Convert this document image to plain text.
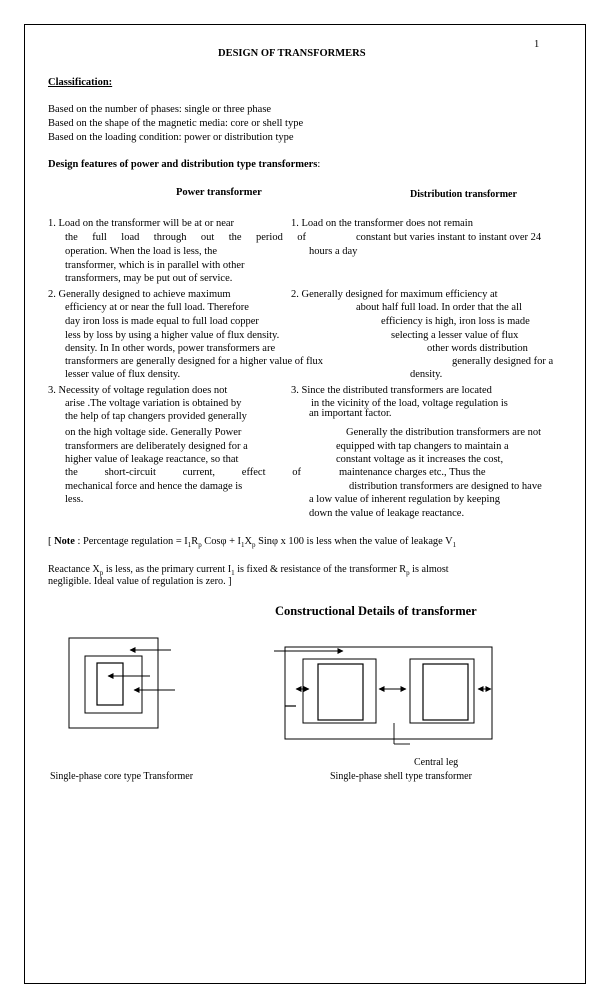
1
DESIGN OF TRANSFORMERS
Classification:
Based on the number of phases: single or three phase
Based on the shape of the magnetic media: core or shell type
Based on the loading condition: power or distribution type
Design features of power and distribution type transformers:
Power transformer	Distribution transformer
1. Load on the transformer will be at or near
the full load through out the period of
operation. When the load is less, the
transformer, which is in parallel with other
transformers, may be put out of service.
2. Generally designed to achieve maximum
efficiency at or near the full load. Therefore
day iron loss is made equal to full load copper
less by loss by using a higher value of flux density.
density. In In other words, power transformers are
transformers are generally designed for a higher value of flux
lesser value of flux density.
3. Necessity of voltage regulation does not
arise .The voltage variation is obtained by
the help of tap changers provided generally
on the high voltage side. Generally Power
transformers are deliberately designed for a
higher value of leakage reactance, so that
the short-circuit current, effect of
mechanical force and hence the damage is
less.
1. Load on the transformer does not remain
constant but varies instant to instant over 24
hours a day
2. Generally designed for maximum efficiency at
about half full load. In order that the all
efficiency is high, iron loss is made
selecting a lesser value of flux
other words distribution
generally designed for a
density.
3. Since the distributed transformers are located
in the vicinity of the load, voltage regulation is
an important factor.
Generally the distribution transformers are not
equipped with tap changers to maintain a
constant voltage as it increases the cost,
maintenance charges etc., Thus the
distribution transformers are designed to have
a low value of inherent regulation by keeping
down the value of leakage reactance.
[ Note : Percentage regulation = $I_1R_p$ $Cos\varphi + I_1X_p$ Sinφ x 100 is less when the value of leakage $V_1$
Reactance $X_p$ is less, as the primary current $I_1$ is fixed & resistance of the transformer $R_p$ is almost
negligible. Ideal value of regulation is zero. ]
Constructional Details of transformer
Central leg
Single-phase core type Transformer	Single-phase shell type transformer
